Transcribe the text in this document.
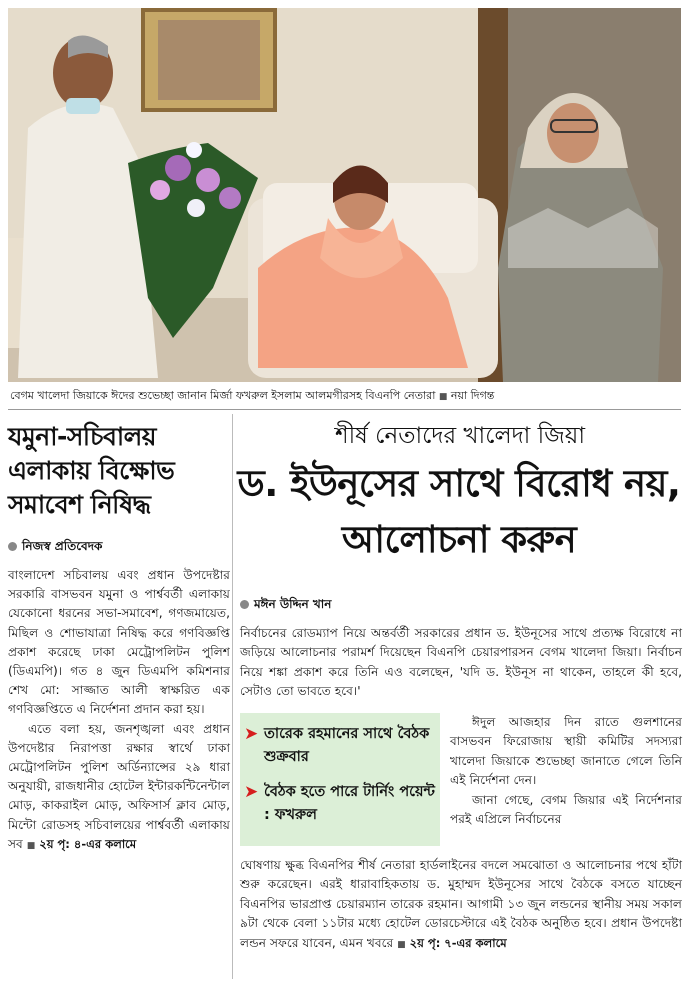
বেগম খালেদা জিয়াকে ঈদের শুভেচ্ছা জানান মির্জা ফখরুল ইসলাম আলমগীরসহ বিএনপি নেতারা ■ নয়া দিগন্ত
যমুনা-সচিবালয় এলাকায় বিক্ষোভ সমাবেশ নিষিদ্ধ
নিজস্ব প্রতিবেদক

বাংলাদেশ সচিবালয় এবং প্রধান উপদেষ্টার সরকারি বাসভবন যমুনা ও পার্শ্ববর্তী এলাকায় যেকোনো ধরনের সভা-সমাবেশ, গণজমায়েত, মিছিল ও শোভাযাত্রা নিষিদ্ধ করে গণবিজ্ঞপ্তি প্রকাশ করেছে ঢাকা মেট্রোপলিটন পুলিশ (ডিএমপি)। গত ৪ জুন ডিএমপি কমিশনার শেখ মো: সাজ্জাত আলী স্বাক্ষরিত এক গণবিজ্ঞপ্তিতে এ নির্দেশনা প্রদান করা হয়।

এতে বলা হয়, জনশৃঙ্খলা এবং প্রধান উপদেষ্টার নিরাপত্তা রক্ষার স্বার্থে ঢাকা মেট্রোপলিটন পুলিশ অর্ডিন্যান্সের ২৯ ধারা অনুযায়ী, রাজধানীর হোটেল ইন্টারকন্টিনেন্টাল মোড়, কাকরাইল মোড়, অফিসার্স ক্লাব মোড়, মিন্টো রোডসহ সচিবালয়ের পার্শ্ববর্তী এলাকায় সব ■ ২য় পৃ: ৪-এর কলামে

শীর্ষ নেতাদের খালেদা জিয়া
ড. ইউনূসের সাথে বিরোধ নয়, আলোচনা করুন
মঈন উদ্দিন খান
নির্বাচনের রোডম্যাপ নিয়ে অন্তর্বর্তী সরকারের প্রধান ড. ইউনূসের সাথে প্রত্যক্ষ বিরোধে না জড়িয়ে আলোচনার পরামর্শ দিয়েছেন বিএনপি চেয়ারপারসন বেগম খালেদা জিয়া। নির্বাচন নিয়ে শঙ্কা প্রকাশ করে তিনি এও বলেছেন, 'যদি ড. ইউনূস না থাকেন, তাহলে কী হবে, সেটাও তো ভাবতে হবে।'
➤ তারেক রহমানের সাথে বৈঠক শুক্রবার
➤ বৈঠক হতে পারে টার্নিং পয়েন্ট : ফখরুল

ঈদুল আজহার দিন রাতে গুলশানের বাসভবন ফিরোজায় স্থায়ী কমিটির সদস্যরা খালেদা জিয়াকে শুভেচ্ছা জানাতে গেলে তিনি এই নির্দেশনা দেন।

জানা গেছে, বেগম জিয়ার এই নির্দেশনার পরই এপ্রিলে নির্বাচনের

ঘোষণায় ক্ষুব্ধ বিএনপির শীর্ষ নেতারা হার্ডলাইনের বদলে সমঝোতা ও আলোচনার পথে হাঁটা শুরু করেছেন। এরই ধারাবাহিকতায় ড. মুহাম্মদ ইউনূসের সাথে বৈঠকে বসতে যাচ্ছেন বিএনপির ভারপ্রাপ্ত চেয়ারম্যান তারেক রহমান। আগামী ১৩ জুন লন্ডনের স্থানীয় সময় সকাল ৯টা থেকে বেলা ১১টার মধ্যে হোটেল ডোরচেস্টারে এই বৈঠক অনুষ্ঠিত হবে। প্রধান উপদেষ্টা লন্ডন সফরে যাবেন, এমন খবরে ■ ২য় পৃ: ৭-এর কলামে
